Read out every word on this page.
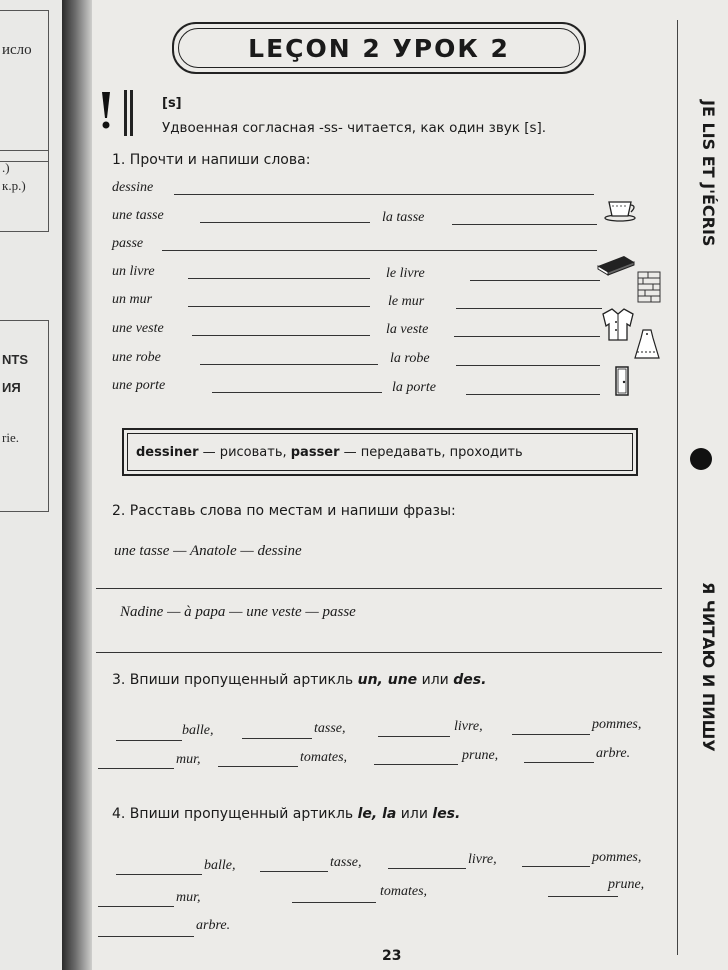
исло
.)
к.р.)
NTS
ИЯ
rie.
LEÇON 2 УРОК 2
[s]
Удвоенная согласная -ss- читается, как один звук [s].
1. Прочти и напиши слова:
dessine
une tasse	la tasse
passe
un livre	le livre
un mur	le mur
une veste	la veste
une robe	la robe
une porte	la porte
dessiner — рисовать, passer — передавать, проходить
2. Расставь слова по местам и напиши фразы:
une tasse — Anatole — dessine
Nadine — à papa — une veste — passe
3. Впиши пропущенный артикль un, une или des.
balle,	tasse,	livre,	pommes,
mur,	tomates,	prune,	arbre.
4. Впиши пропущенный артикль le, la или les.
balle,	tasse,	livre,	pommes,
mur,	tomates,	prune,
arbre.
JE LIS ET J'ÉCRIS
Я ЧИТАЮ И ПИШУ
23
